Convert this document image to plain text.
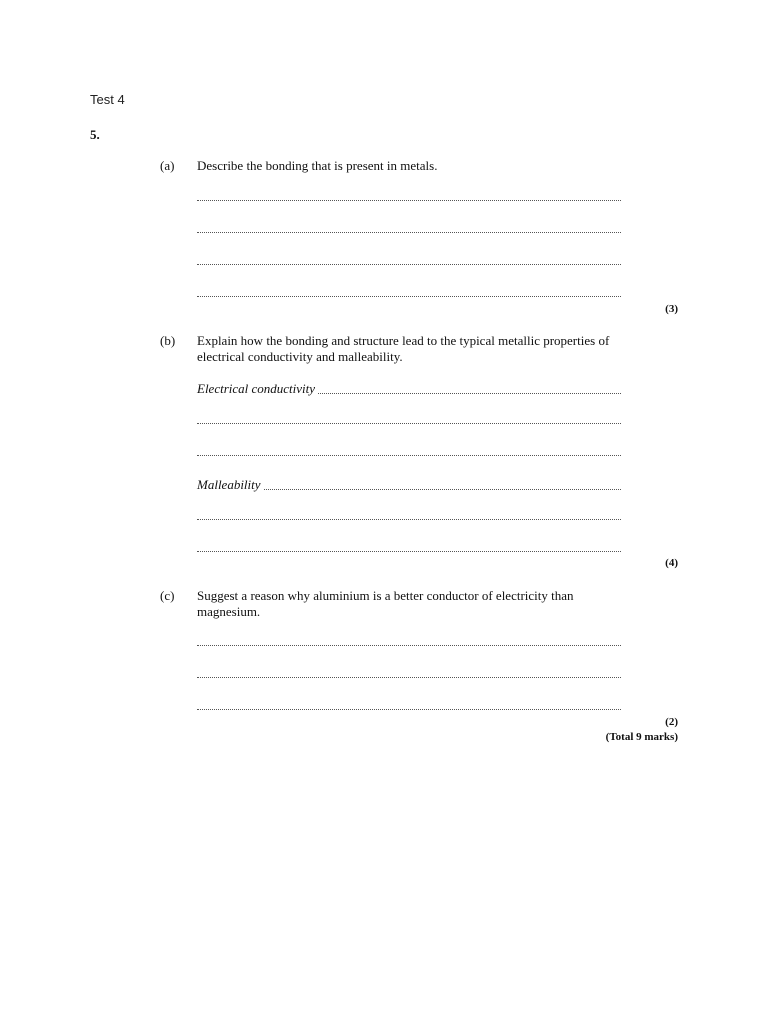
Test 4
5.
(a) Describe the bonding that is present in metals.
(3)
(b) Explain how the bonding and structure lead to the typical metallic properties of electrical conductivity and malleability.
Electrical conductivity
Malleability
(4)
(c) Suggest a reason why aluminium is a better conductor of electricity than magnesium.
(2)
(Total 9 marks)
